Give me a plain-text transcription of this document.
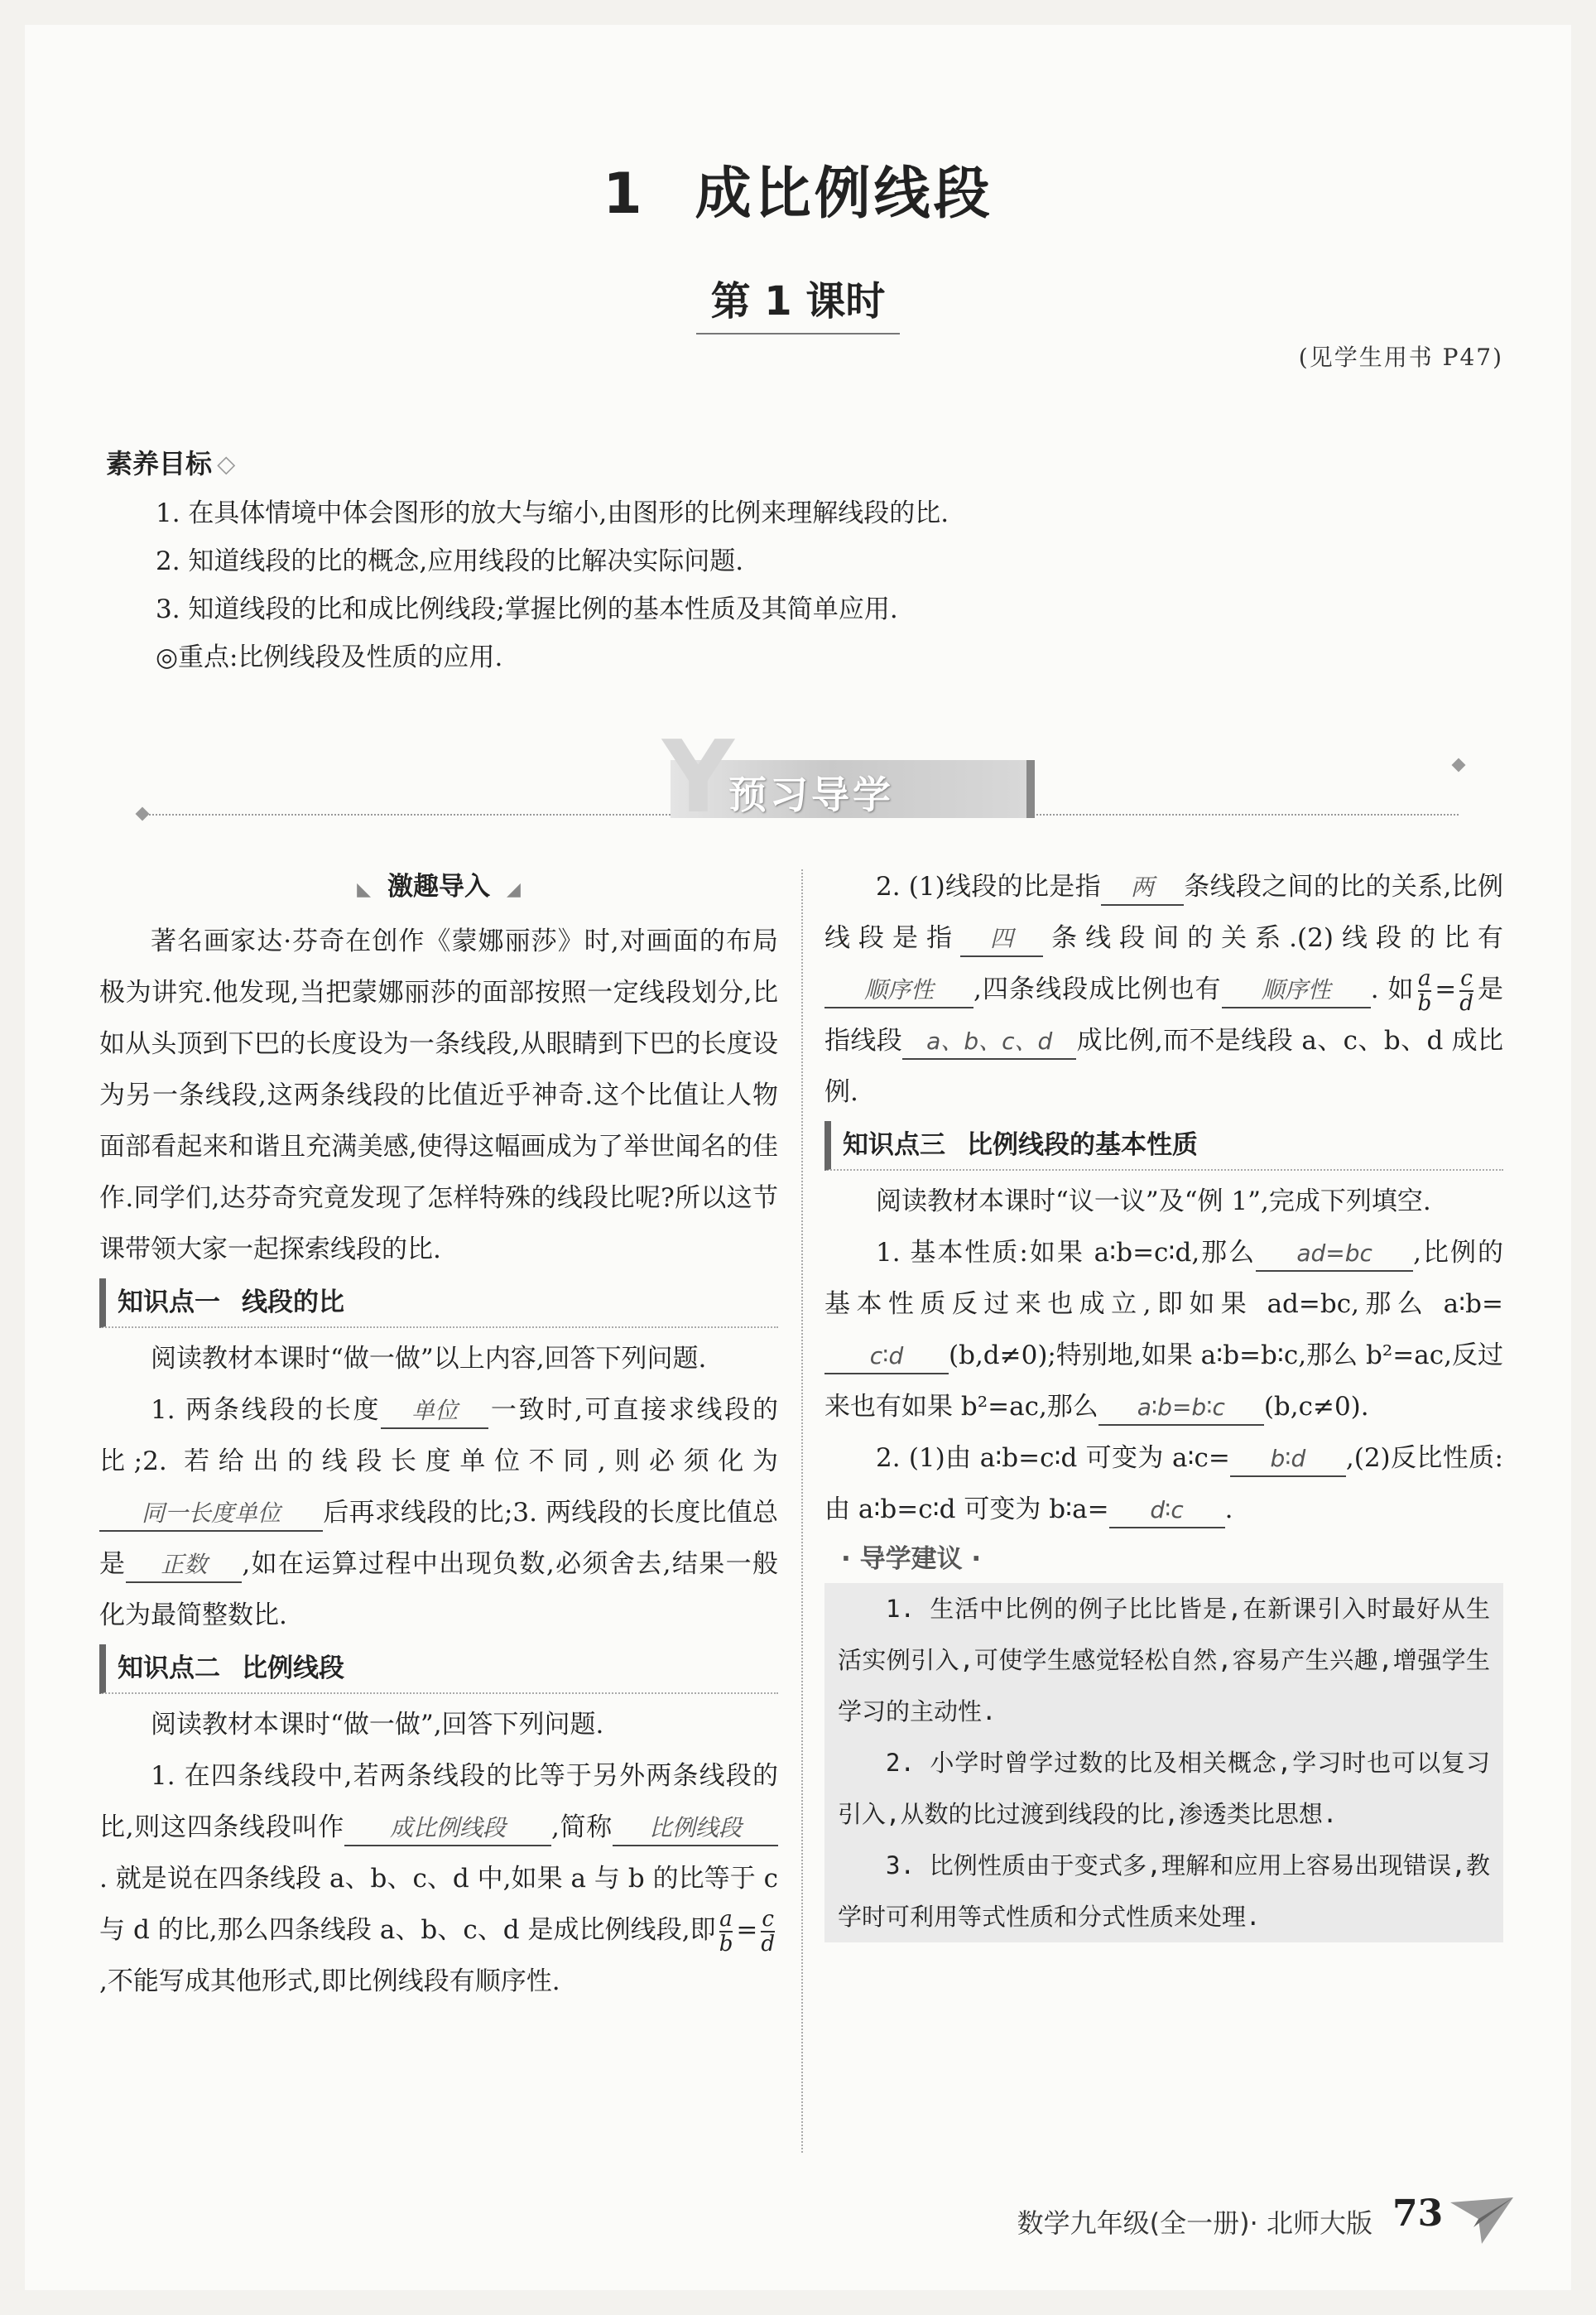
1 成比例线段
第 1 课时
(见学生用书 P47)
素养目标 ⬦
1. 在具体情境中体会图形的放大与缩小,由图形的比例来理解线段的比.
2. 知道线段的比的概念,应用线段的比解决实际问题.
3. 知道线段的比和成比例线段;掌握比例的基本性质及其简单应用.
◎重点:比例线段及性质的应用.
Y
预习导学
◣ 激趣导入 ◢
著名画家达·芬奇在创作《蒙娜丽莎》时,对画面的布局极为讲究.他发现,当把蒙娜丽莎的面部按照一定线段划分,比如从头顶到下巴的长度设为一条线段,从眼睛到下巴的长度设为另一条线段,这两条线段的比值近乎神奇.这个比值让人物面部看起来和谐且充满美感,使得这幅画成为了举世闻名的佳作.同学们,达芬奇究竟发现了怎样特殊的线段比呢?所以这节课带领大家一起探索线段的比.
知识点一 线段的比
阅读教材本课时“做一做”以上内容,回答下列问题.
1. 两条线段的长度 单位 一致时,可直接求线段的比;2. 若给出的线段长度单位不同,则必须化为同一长度单位 后再求线段的比;3. 两线段的长度比值总是 正数 ,如在运算过程中出现负数,必须舍去,结果一般化为最简整数比.
知识点二 比例线段
阅读教材本课时“做一做”,回答下列问题.
1. 在四条线段中,若两条线段的比等于另外两条线段的比,则这四条线段叫作 成比例线段 ,简称 比例线段. 就是说在四条线段 a、b、c、d 中,如果 a 与 b 的比等于 c 与 d 的比,那么四条线段 a、b、c、d 是成比例线段,即 $\frac{a}{b} = \frac{c}{d}$
,不能写成其他形式,即比例线段有顺序性.
2. (1)线段的比是指 两 条线段之间的比的关系,比例线段是指 四 条线段间的关系.(2)线段的比有顺序性 ,四条线段成比例也有 顺序性 . 如 $\frac{a}{b} = \frac{c}{d}$ 是指线段 a、b、c、d 成比例,而不是线段 a、c、b、d 成比例.
知识点三 比例线段的基本性质
阅读教材本课时“议一议”及“例 1”,完成下列填空.
1. 基本性质:如果 a∶b=c∶d,那么 ad=bc ,比例的基本性质反过来也成立,即如果 ad=bc,那么 a∶b=c∶d (b,d≠0);特别地,如果 a∶b=b∶c,那么 b²=ac,反过来也有如果 b²=ac,那么 a∶b=b∶c (b,c≠0).
2. (1)由 a∶b=c∶d 可变为 a∶c= b∶d ,(2)反比性质:由 a∶b=c∶d 可变为 b∶a= d∶c .
· 导学建议 ·
1. 生活中比例的例子比比皆是,在新课引入时最好从生活实例引入,可使学生感觉轻松自然,容易产生兴趣,增强学生学习的主动性.
2. 小学时曾学过数的比及相关概念,学习时也可以复习引入,从数的比过渡到线段的比,渗透类比思想.
3. 比例性质由于变式多,理解和应用上容易出现错误,教学时可利用等式性质和分式性质来处理.
数学九年级(全一册)· 北师大版 73
